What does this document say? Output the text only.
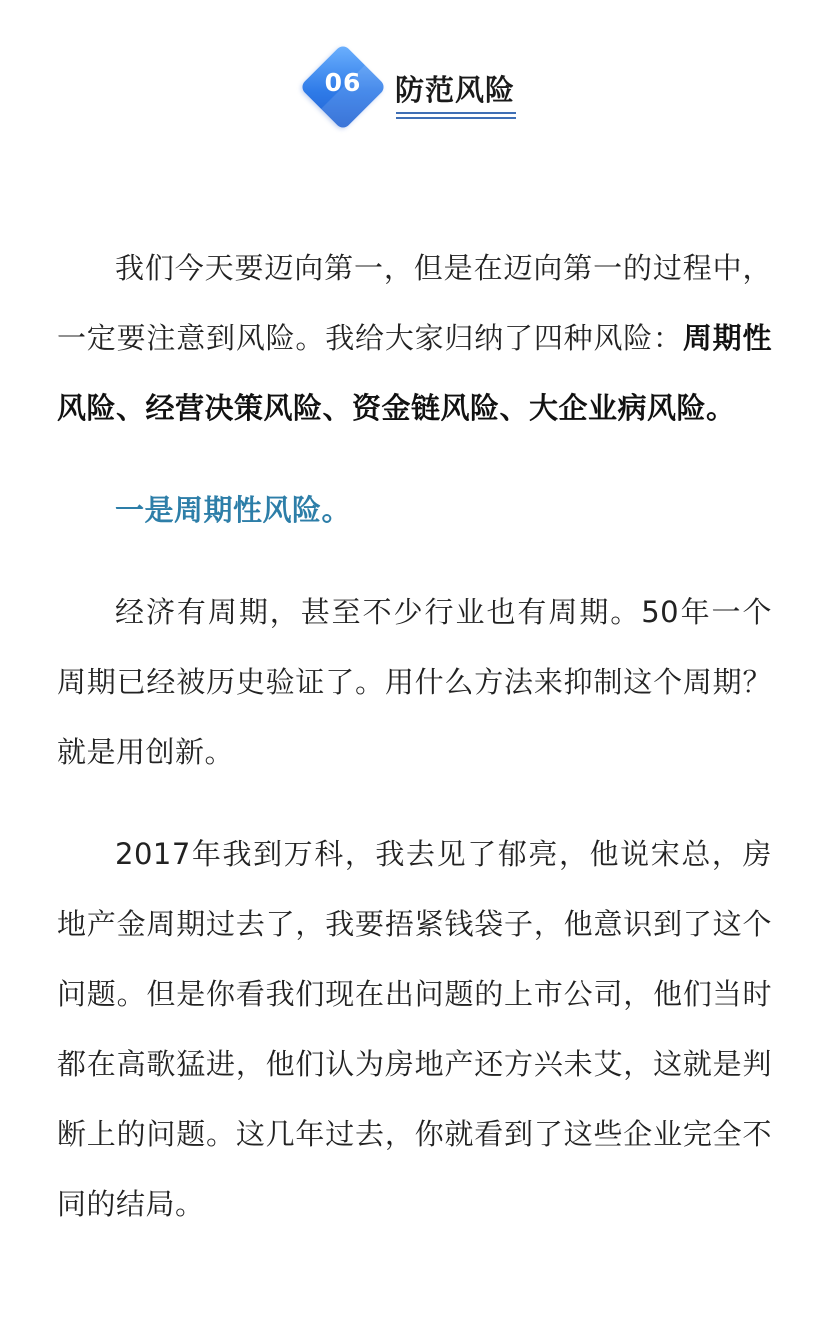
06	防范风险

我们今天要迈向第一，但是在迈向第一的过程中，一定要注意到风险。我给大家归纳了四种风险：周期性风险、经营决策风险、资金链风险、大企业病风险。

一是周期性风险。

经济有周期，甚至不少行业也有周期。50年一个周期已经被历史验证了。用什么方法来抑制这个周期？就是用创新。

2017年我到万科，我去见了郁亮，他说宋总，房地产金周期过去了，我要捂紧钱袋子，他意识到了这个问题。但是你看我们现在出问题的上市公司，他们当时都在高歌猛进，他们认为房地产还方兴未艾，这就是判断上的问题。这几年过去，你就看到了这些企业完全不同的结局。
